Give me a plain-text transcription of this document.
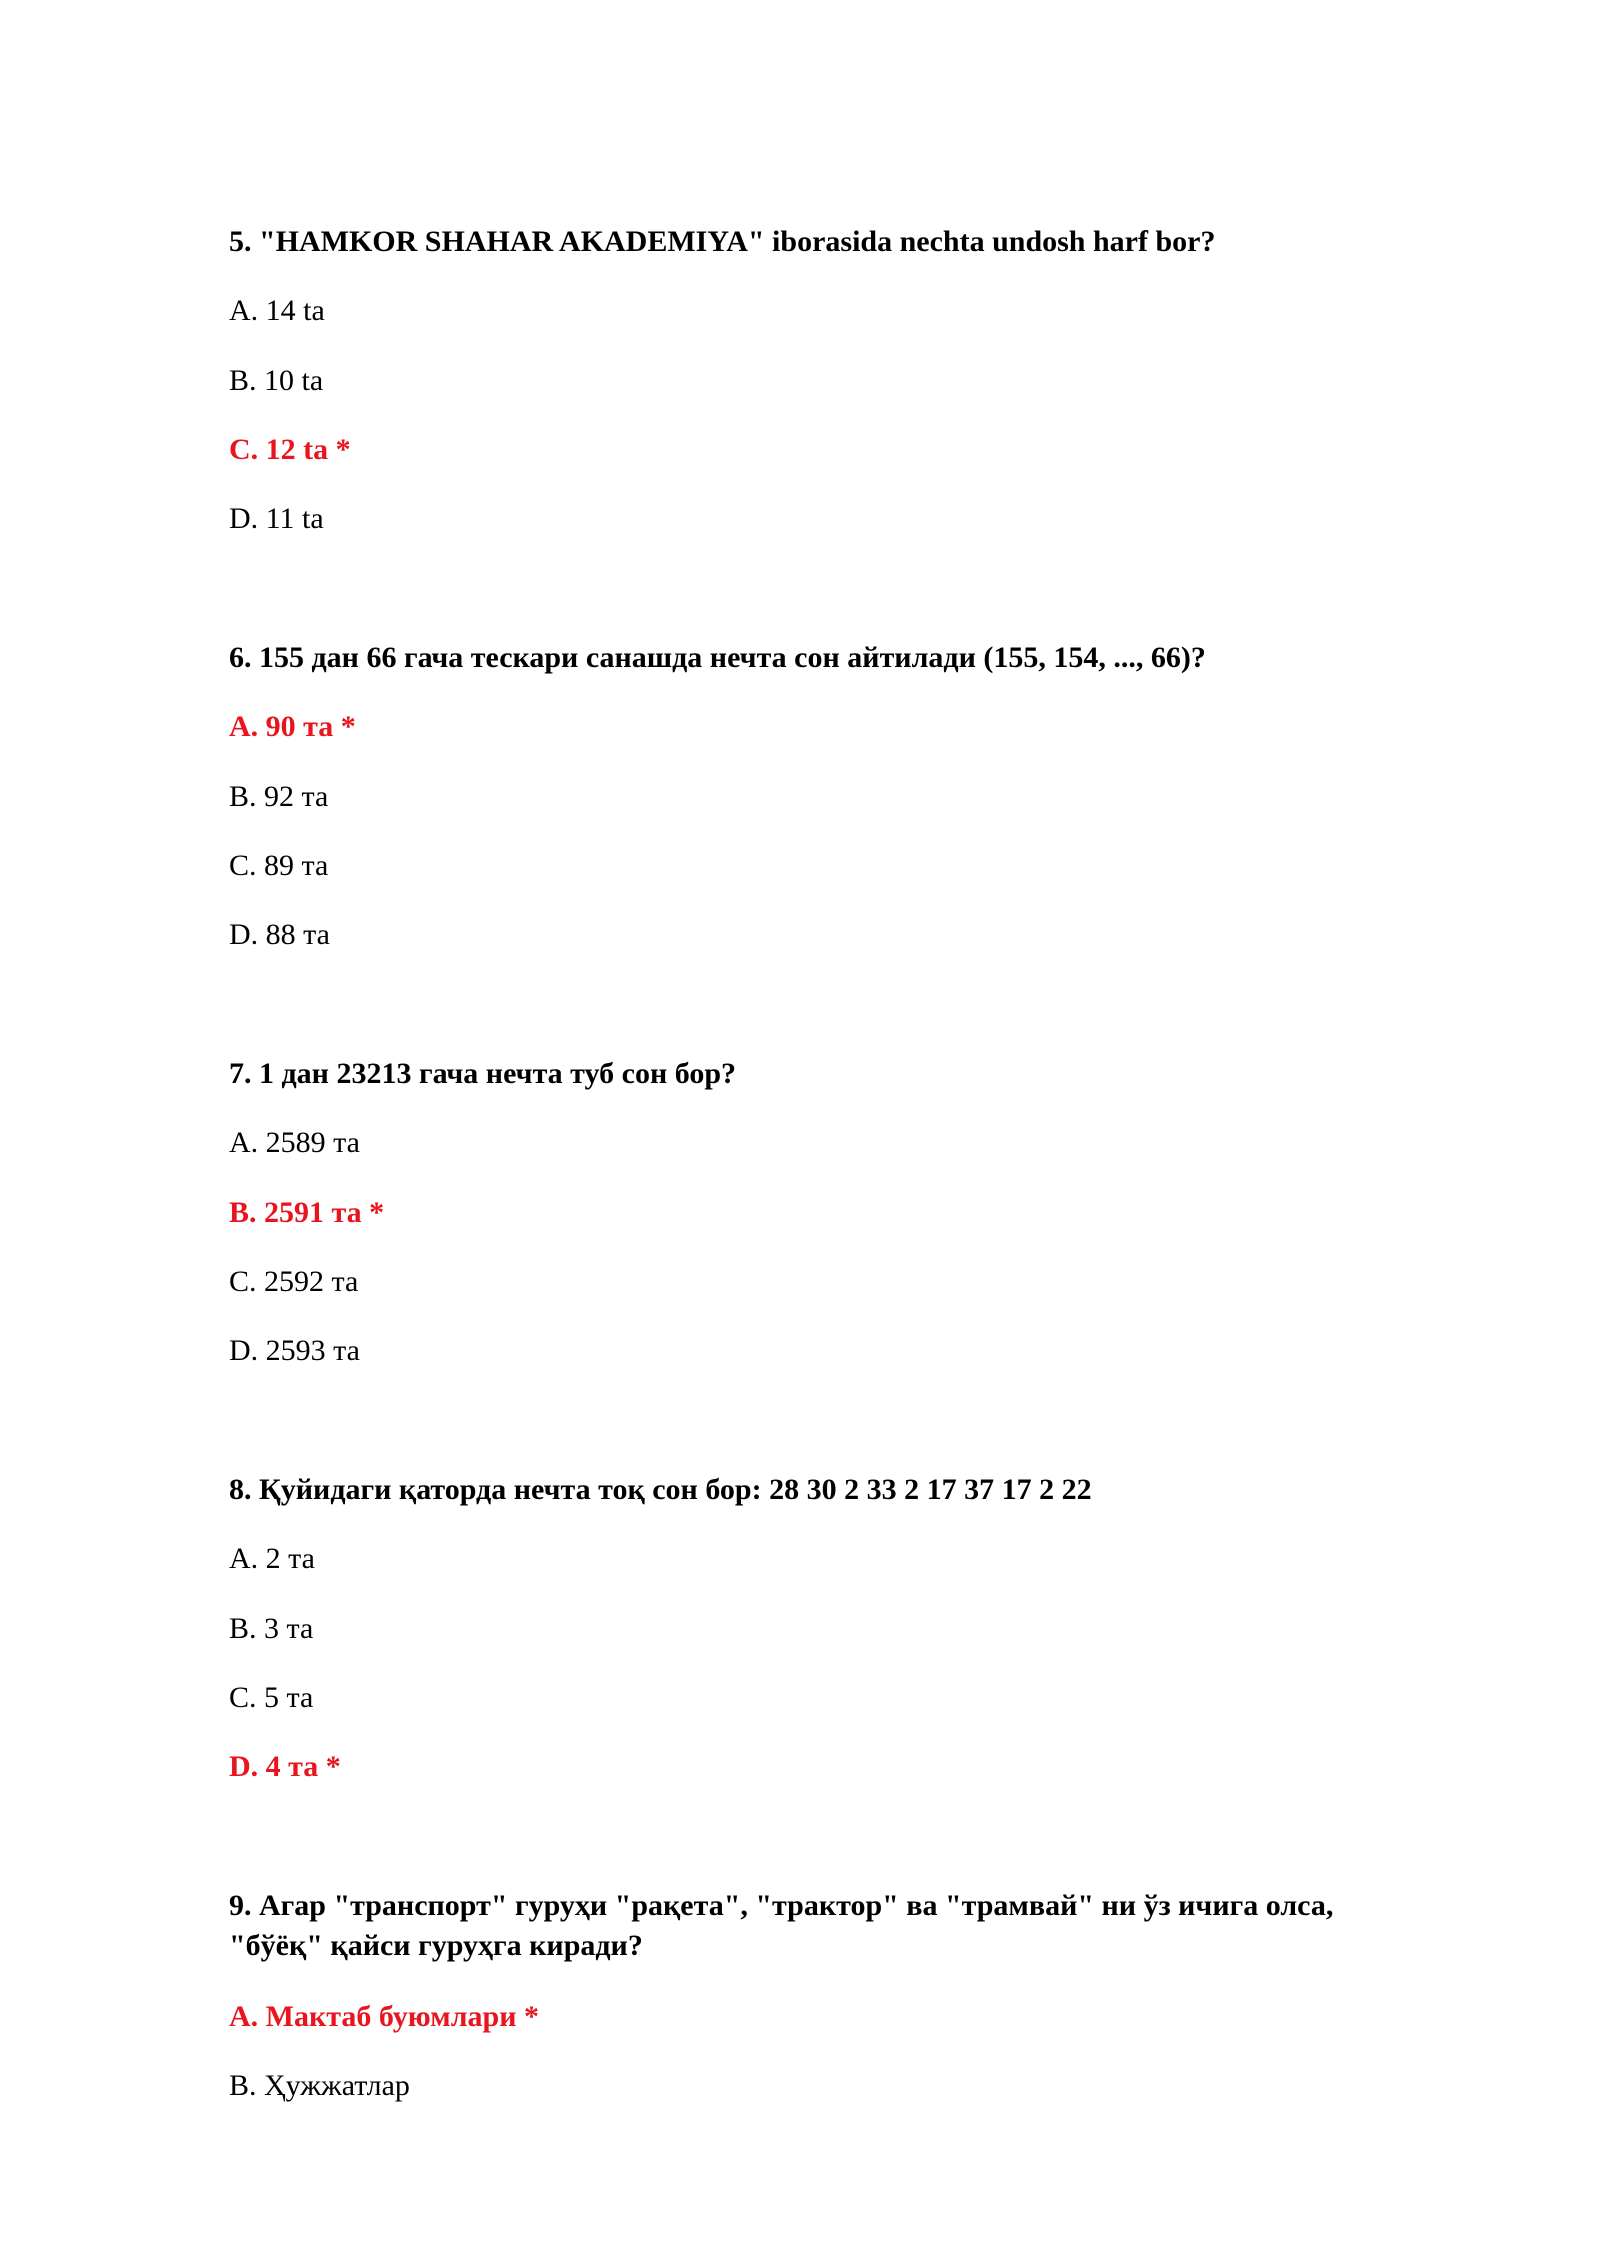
5. "HAMKOR SHAHAR AKADEMIYA" iborasida nechta undosh harf bor?

A. 14 ta

B. 10 ta

C. 12 ta *

D. 11 ta

6. 155 дан 66 гача тескари санашда нечта сон айтилади (155, 154, ..., 66)?

A. 90 та *

B. 92 та

C. 89 та

D. 88 та

7. 1 дан 23213 гача нечта туб сон бор?

A. 2589 та

B. 2591 та *

C. 2592 та

D. 2593 та

8. Қуйидаги қаторда нечта тоқ сон бор: 28 30 2 33 2 17 37 17 2 22

A. 2 та

B. 3 та

C. 5 та

D. 4 та *

9. Агар "транспорт" гуруҳи "рақета", "трактор" ва "трамвай" ни ўз ичига олса,
"бўёқ" қайси гуруҳга киради?

A. Мактаб буюмлари *

B. Ҳужжатлар
